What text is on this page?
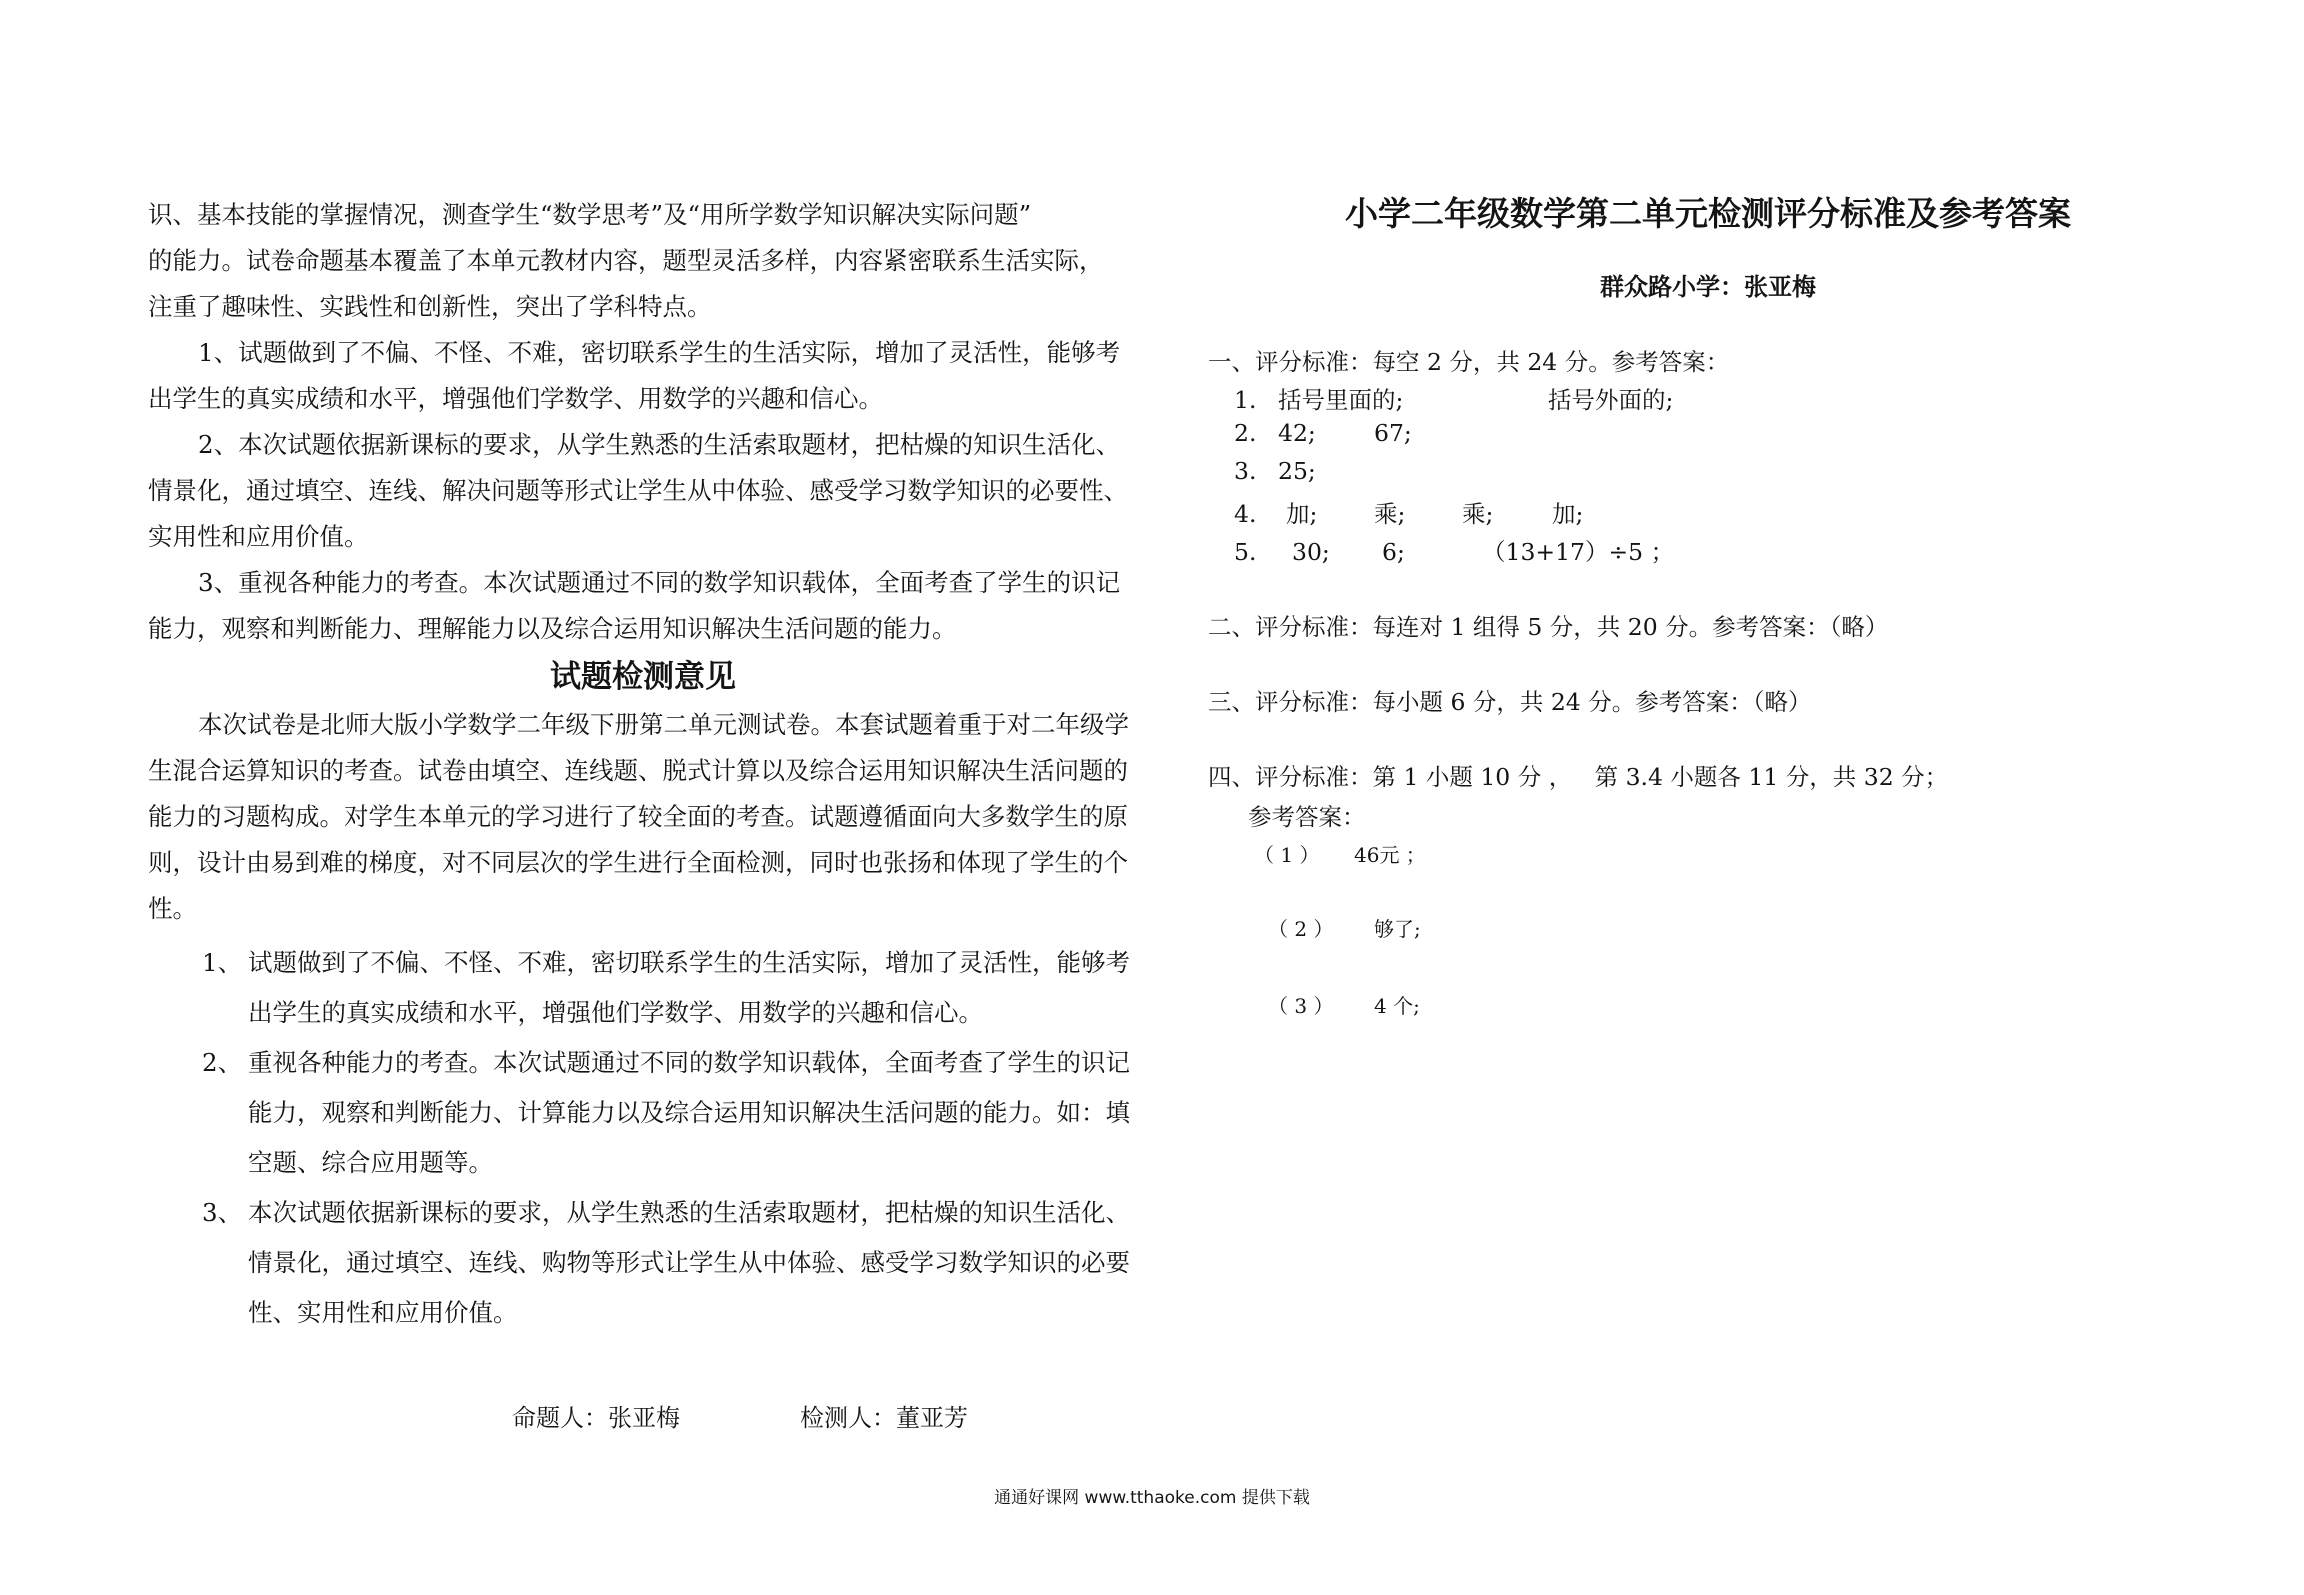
识、基本技能的掌握情况，测查学生“数学思考”及“用所学数学知识解决实际问题”

的能力。试卷命题基本覆盖了本单元教材内容，题型灵活多样，内容紧密联系生活实际，

注重了趣味性、实践性和创新性，突出了学科特点。

1、试题做到了不偏、不怪、不难，密切联系学生的生活实际，增加了灵活性，能够考出学生的真实成绩和水平，增强他们学数学、用数学的兴趣和信心。

2、本次试题依据新课标的要求，从学生熟悉的生活索取题材，把枯燥的知识生活化、情景化，通过填空、连线、解决问题等形式让学生从中体验、感受学习数学知识的必要性、实用性和应用价值。

3、重视各种能力的考查。本次试题通过不同的数学知识载体，全面考查了学生的识记能力，观察和判断能力、理解能力以及综合运用知识解决生活问题的能力。

试题检测意见

本次试卷是北师大版小学数学二年级下册第二单元测试卷。本套试题着重于对二年级学生混合运算知识的考查。试卷由填空、连线题、脱式计算以及综合运用知识解决生活问题的能力的习题构成。对学生本单元的学习进行了较全面的考查。试题遵循面向大多数学生的原则，设计由易到难的梯度，对不同层次的学生进行全面检测，同时也张扬和体现了学生的个性。

1、 试题做到了不偏、不怪、不难，密切联系学生的生活实际，增加了灵活性，能够考出学生的真实成绩和水平，增强他们学数学、用数学的兴趣和信心。

2、 重视各种能力的考查。本次试题通过不同的数学知识载体，全面考查了学生的识记能力，观察和判断能力、计算能力以及综合运用知识解决生活问题的能力。如：填空题、综合应用题等。

3、 本次试题依据新课标的要求，从学生熟悉的生活索取题材，把枯燥的知识生活化、情景化，通过填空、连线、购物等形式让学生从中体验、感受学习数学知识的必要性、实用性和应用价值。

命题人：张亚梅	检测人：董亚芳
小学二年级数学第二单元检测评分标准及参考答案
群众路小学：张亚梅
一、评分标准：每空 2 分，共 24 分。参考答案：
1. 括号里面的;	括号外面的;
2. 42; 67;
3. 25;
4. 加; 乘; 乘; 加;
5. 30; 6;	（13+17）÷5 ；
二、评分标准：每连对 1 组得 5 分，共 20 分。参考答案：（略）
三、评分标准：每小题 6 分，共 24 分。参考答案：（略）
四、评分标准：第 1 小题 10 分 ，   第 3.4 小题各 11 分，共 32 分；
参考答案：
（ 1 ） 46元 ；
（ 2 ） 够了;
（ 3 ） 4 个;
通通好课网 www.tthaoke.com 提供下载
